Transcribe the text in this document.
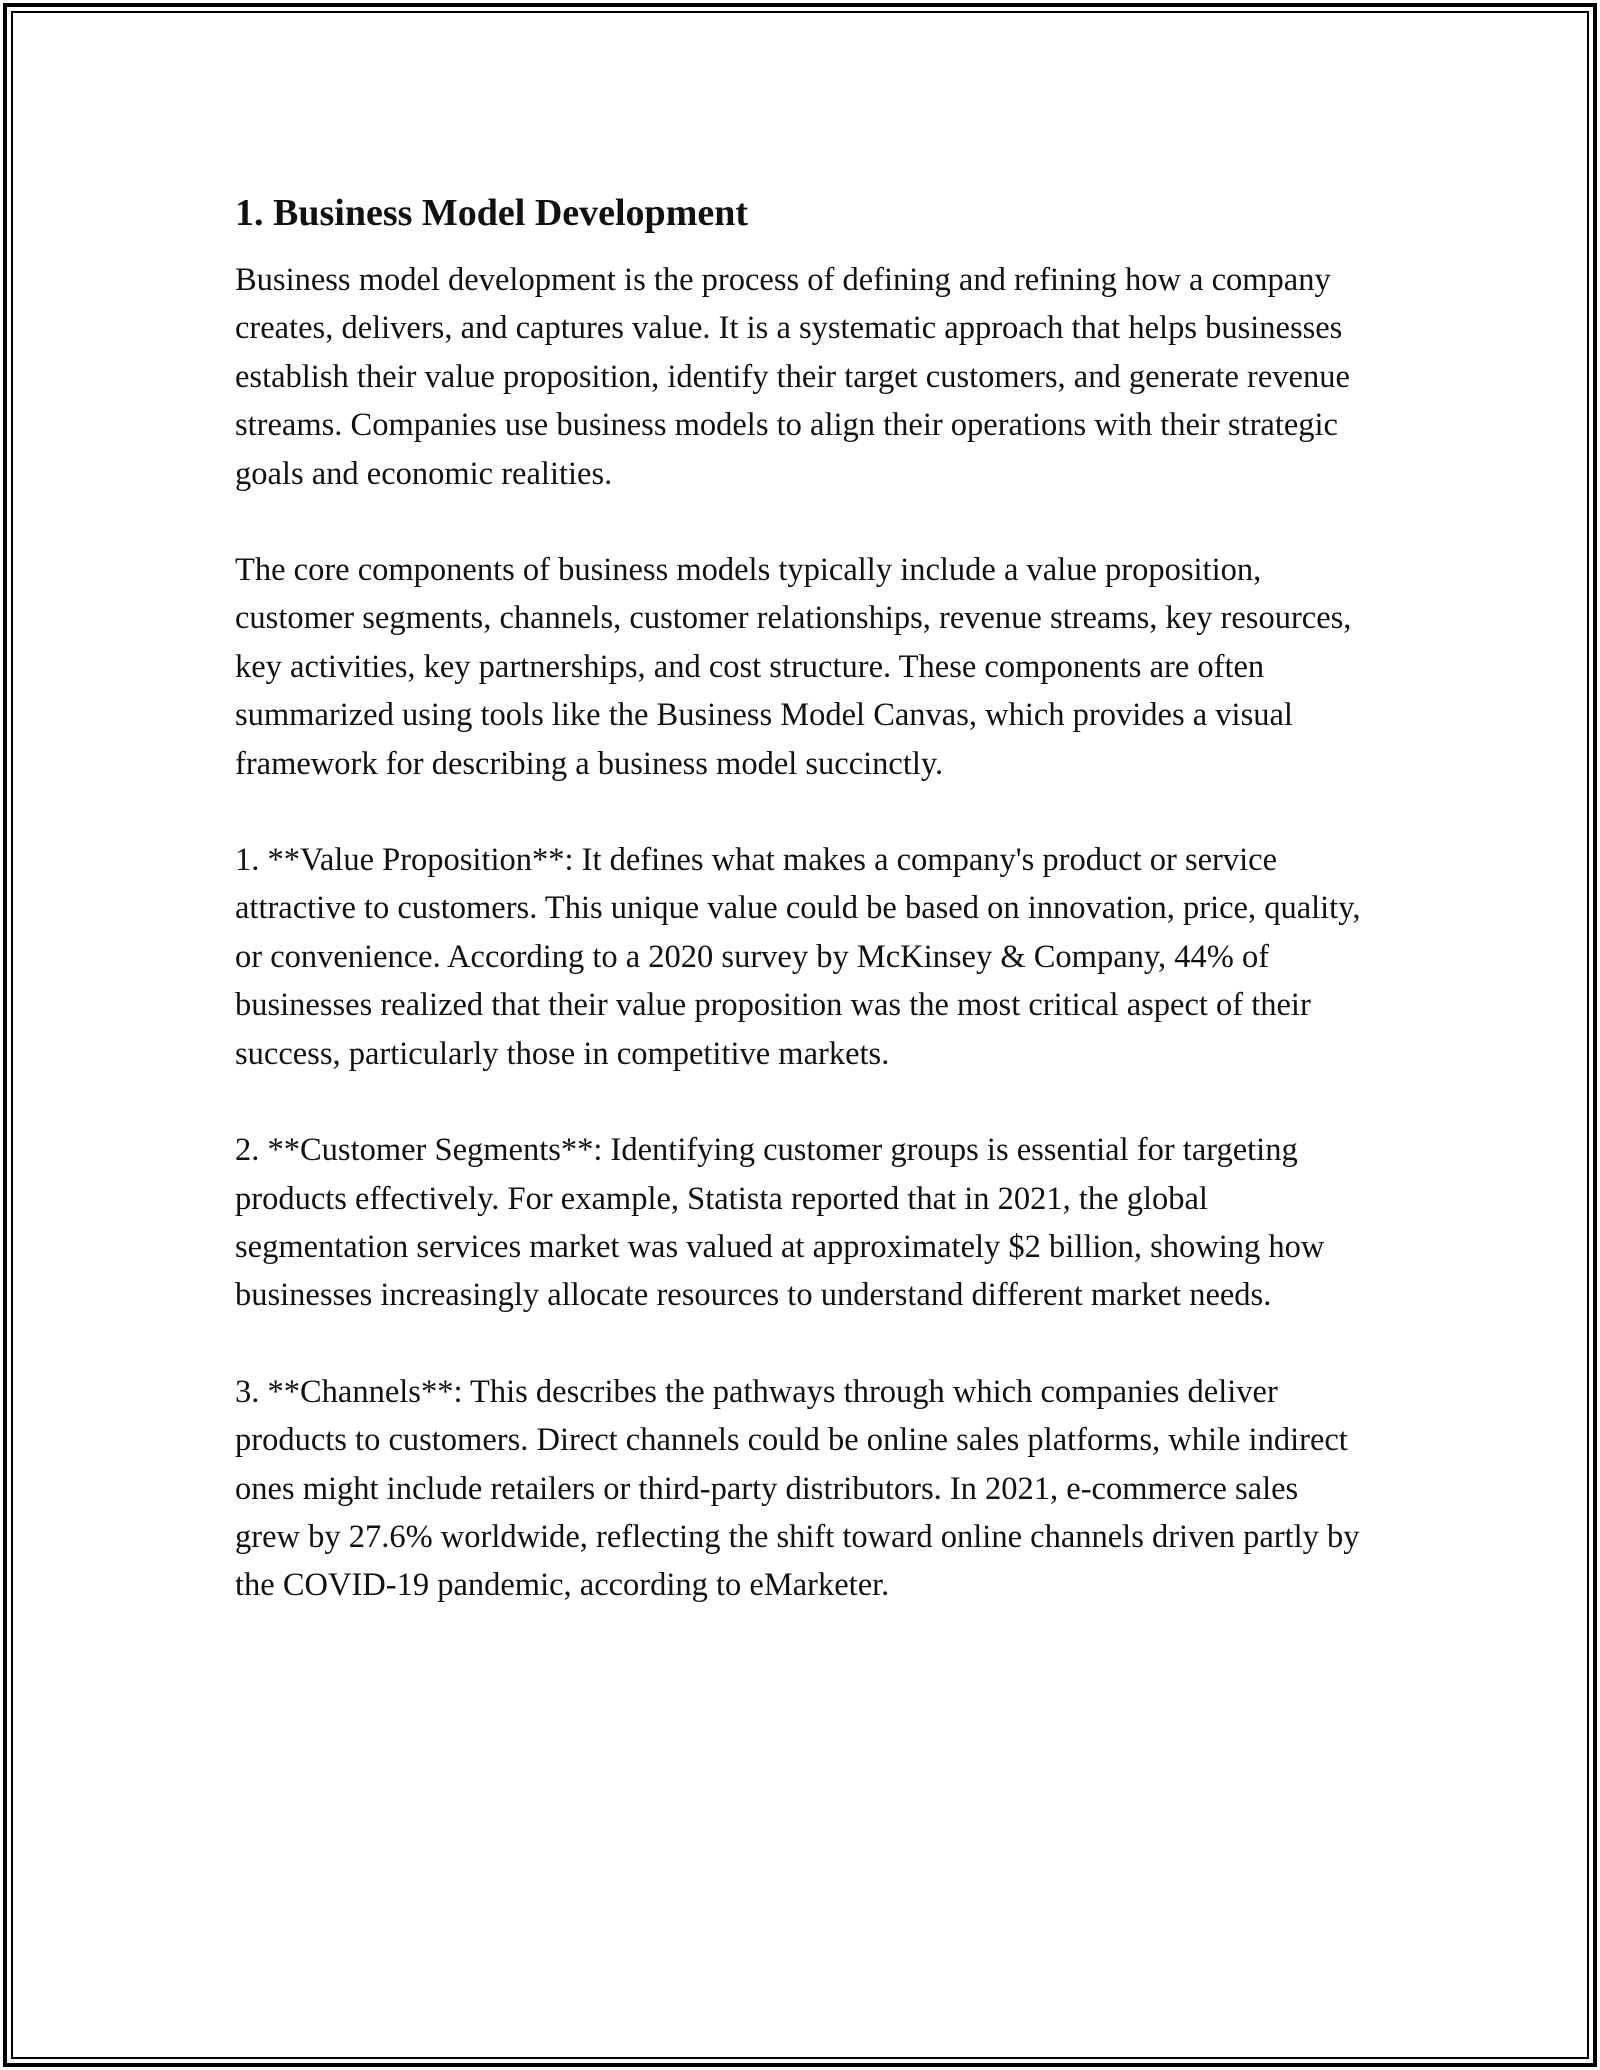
1. Business Model Development

Business model development is the process of defining and refining how a company creates, delivers, and captures value. It is a systematic approach that helps businesses establish their value proposition, identify their target customers, and generate revenue streams. Companies use business models to align their operations with their strategic goals and economic realities.

The core components of business models typically include a value proposition, customer segments, channels, customer relationships, revenue streams, key resources, key activities, key partnerships, and cost structure. These components are often summarized using tools like the Business Model Canvas, which provides a visual framework for describing a business model succinctly.

1. **Value Proposition**: It defines what makes a company's product or service attractive to customers. This unique value could be based on innovation, price, quality, or convenience. According to a 2020 survey by McKinsey & Company, 44% of businesses realized that their value proposition was the most critical aspect of their success, particularly those in competitive markets.

2. **Customer Segments**: Identifying customer groups is essential for targeting products effectively. For example, Statista reported that in 2021, the global segmentation services market was valued at approximately $2 billion, showing how businesses increasingly allocate resources to understand different market needs.

3. **Channels**: This describes the pathways through which companies deliver products to customers. Direct channels could be online sales platforms, while indirect ones might include retailers or third-party distributors. In 2021, e-commerce sales grew by 27.6% worldwide, reflecting the shift toward online channels driven partly by the COVID-19 pandemic, according to eMarketer.
